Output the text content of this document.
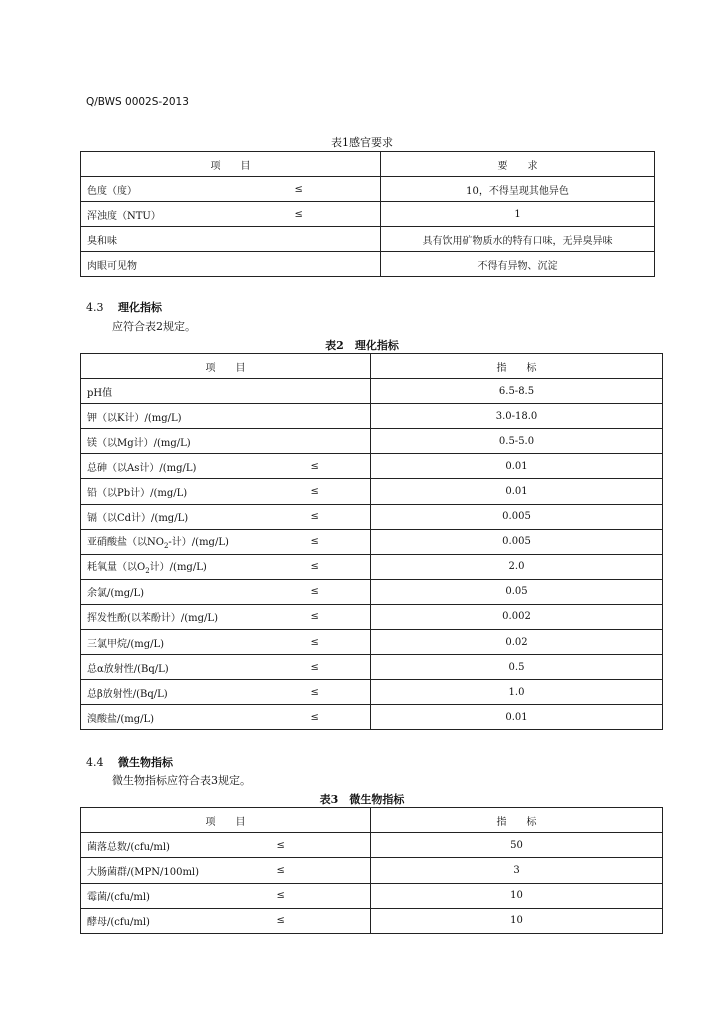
Q/BWS 0002S-2013
表1感官要求
项　　目		要　　求
色度（度）	≤	10，不得呈现其他异色
浑浊度（NTU）	≤	1
臭和味		具有饮用矿物质水的特有口味，无异臭异味
肉眼可见物		不得有异物、沉淀
4.3 理化指标
应符合表2规定。
表2　理化指标
项　　目		指　　标
pH值		6.5-8.5
钾（以K计）/(mg/L)		3.0-18.0
镁（以Mg计）/(mg/L)		0.5-5.0
总砷（以As计）/(mg/L)	≤	0.01
铅（以Pb计）/(mg/L)	≤	0.01
镉（以Cd计）/(mg/L)	≤	0.005
亚硝酸盐（以$NO_2-$计）/(mg/L)	≤	0.005
耗氧量（以$O_2$计）/(mg/L)	≤	2.0
余氯/(mg/L)	≤	0.05
挥发性酚(以苯酚计）/(mg/L)	≤	0.002
三氯甲烷/(mg/L)	≤	0.02
总α放射性/(Bq/L)	≤	0.5
总β放射性/(Bq/L)	≤	1.0
溴酸盐/(mg/L)	≤	0.01
4.4 微生物指标
微生物指标应符合表3规定。
表3　微生物指标
项　　目		指　　标
菌落总数/(cfu/ml)	≤	50
大肠菌群/(MPN/100ml)	≤	3
霉菌/(cfu/ml)	≤	10
酵母/(cfu/ml)	≤	10
